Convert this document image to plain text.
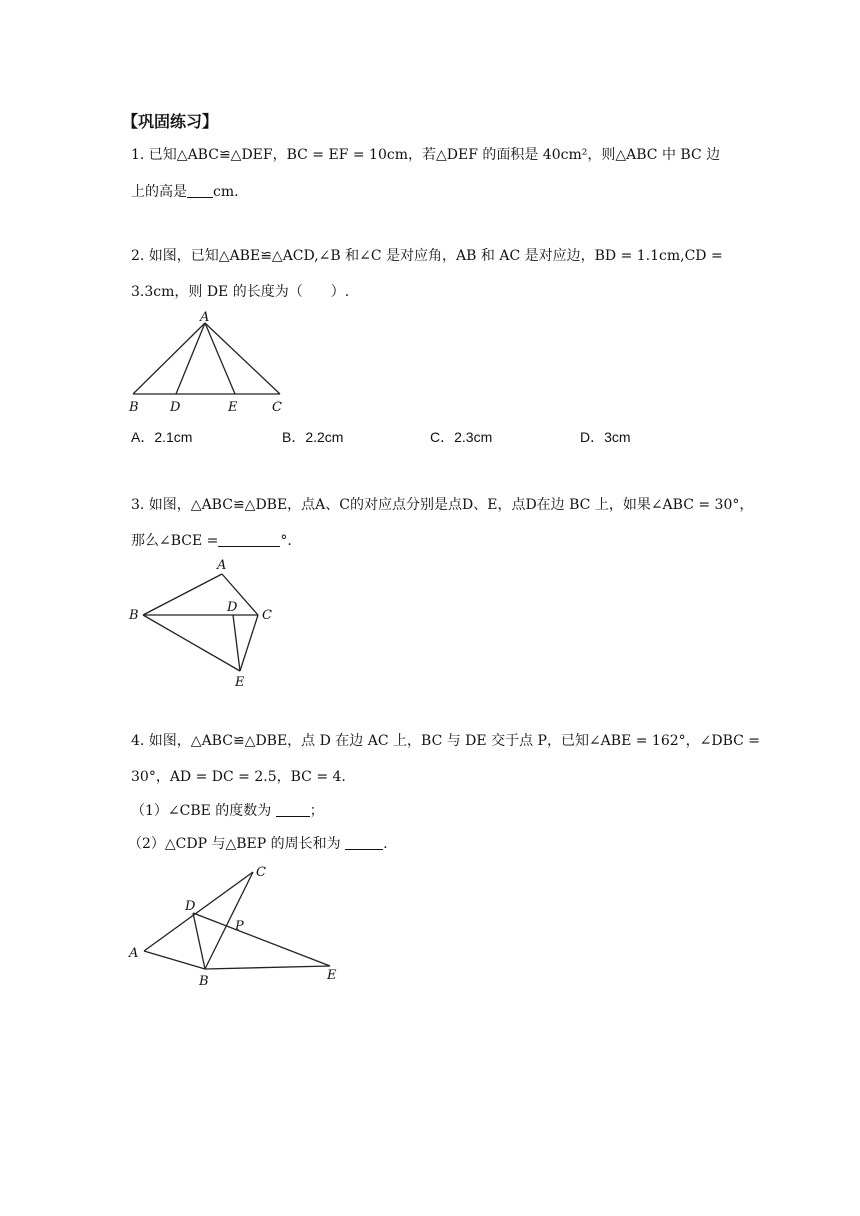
【巩固练习】
1. 已知△ABC≌△DEF，BC = EF = 10cm，若△DEF 的面积是 40cm²，则△ABC 中 BC 边
上的高是 cm.
2. 如图，已知△ABE≌△ACD,∠B 和∠C 是对应角，AB 和 AC 是对应边，BD = 1.1cm,CD =
3.3cm，则 DE 的长度为（　　）.
A
B D	E	C
A．2.1cm	B．2.2cm	C．2.3cm	D．3cm
3. 如图，△ABC≌△DBE，点A、C的对应点分别是点D、E，点D在边 BC 上，如果∠ABC = 30°，
那么∠BCE =	°.
A
B
D
C
E
4. 如图，△ABC≌△DBE，点 D 在边 AC 上，BC 与 DE 交于点 P，已知∠ABE = 162°，∠DBC =
30°，AD = DC = 2.5，BC = 4.
（1）∠CBE 的度数为	；
（2）△CDP 与△BEP 的周长和为	.
A
B
C
D
P
E
